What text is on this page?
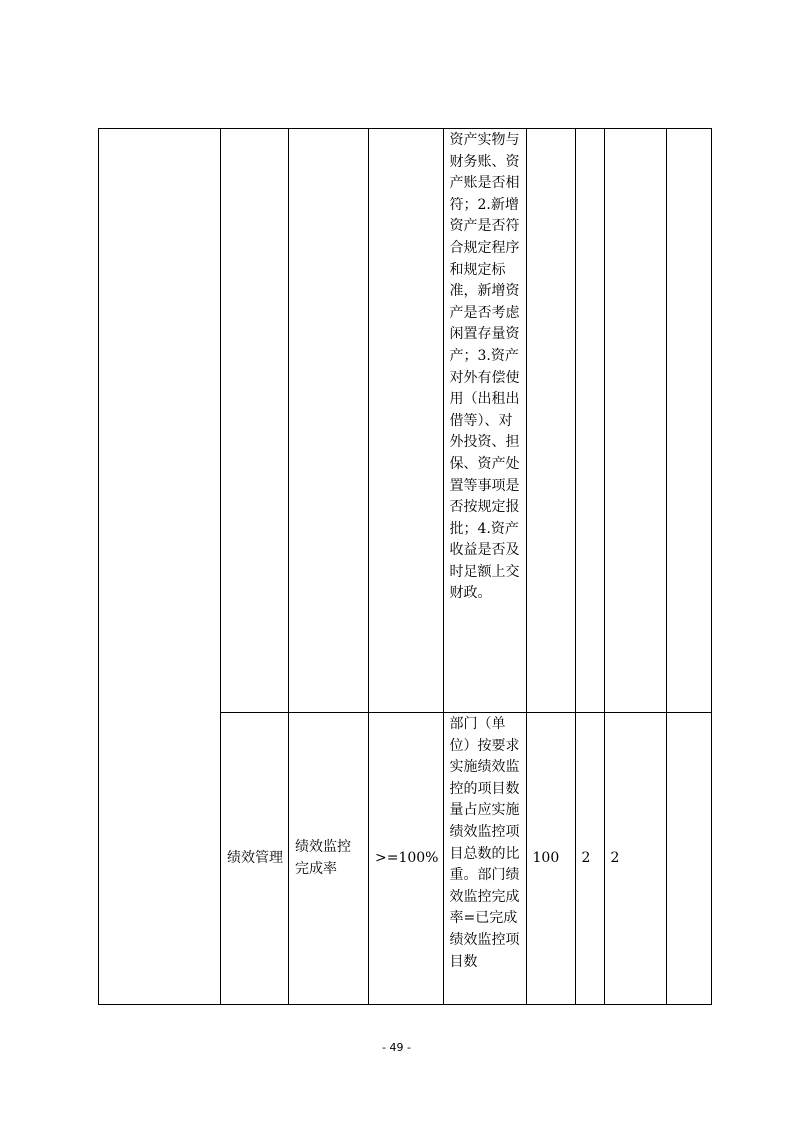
				资产实物与财务账、资产账是否相符；2.新增资产是否符合规定程序和规定标准，新增资产是否考虑闲置存量资产；3.资产对外有偿使用（出租出借等）、对外投资、担保、资产处置等事项是否按规定报批；4.资产收益是否及时足额上交财政。				

	绩效管理	绩效监控完成率	>=100%	部门（单位）按要求实施绩效监控的项目数量占应实施绩效监控项目总数的比重。部门绩效监控完成率=已完成绩效监控项目数	100	2	2	
- 49 -
